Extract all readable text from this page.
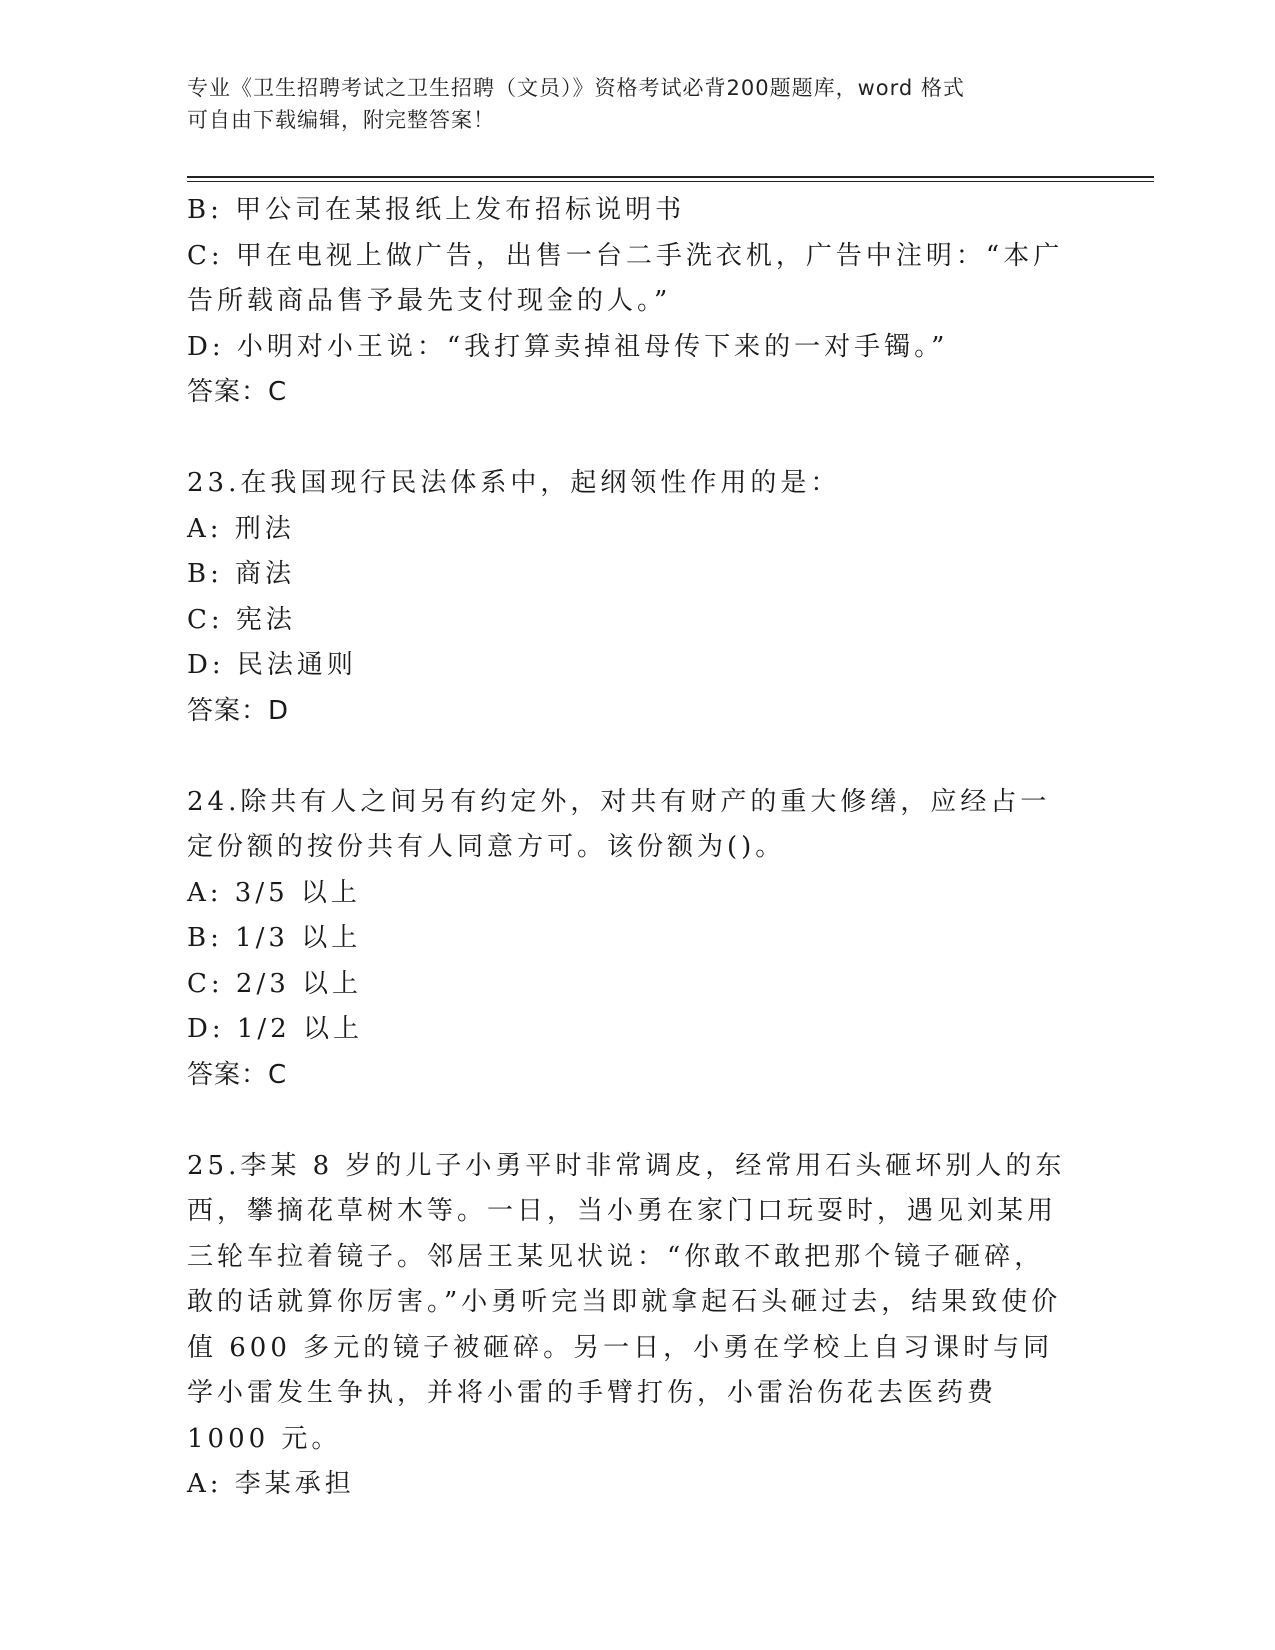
专业《卫生招聘考试之卫生招聘（文员）》资格考试必背200题题库，word 格式
可自由下载编辑，附完整答案！
B: 甲公司在某报纸上发布招标说明书
C: 甲在电视上做广告，出售一台二手洗衣机，广告中注明：“本广告所载商品售予最先支付现金的人。”
D: 小明对小王说：“我打算卖掉祖母传下来的一对手镯。”
答案：C
23.在我国现行民法体系中，起纲领性作用的是：
A: 刑法
B: 商法
C: 宪法
D: 民法通则
答案：D
24.除共有人之间另有约定外，对共有财产的重大修缮，应经占一定份额的按份共有人同意方可。该份额为()。
A: 3/5 以上
B: 1/3 以上
C: 2/3 以上
D: 1/2 以上
答案：C
25.李某 8 岁的儿子小勇平时非常调皮，经常用石头砸坏别人的东西，攀摘花草树木等。一日，当小勇在家门口玩耍时，遇见刘某用三轮车拉着镜子。邻居王某见状说：“你敢不敢把那个镜子砸碎，敢的话就算你厉害。”小勇听完当即就拿起石头砸过去，结果致使价值 600 多元的镜子被砸碎。另一日，小勇在学校上自习课时与同学小雷发生争执，并将小雷的手臂打伤，小雷治伤花去医药费 1000 元。
A: 李某承担
